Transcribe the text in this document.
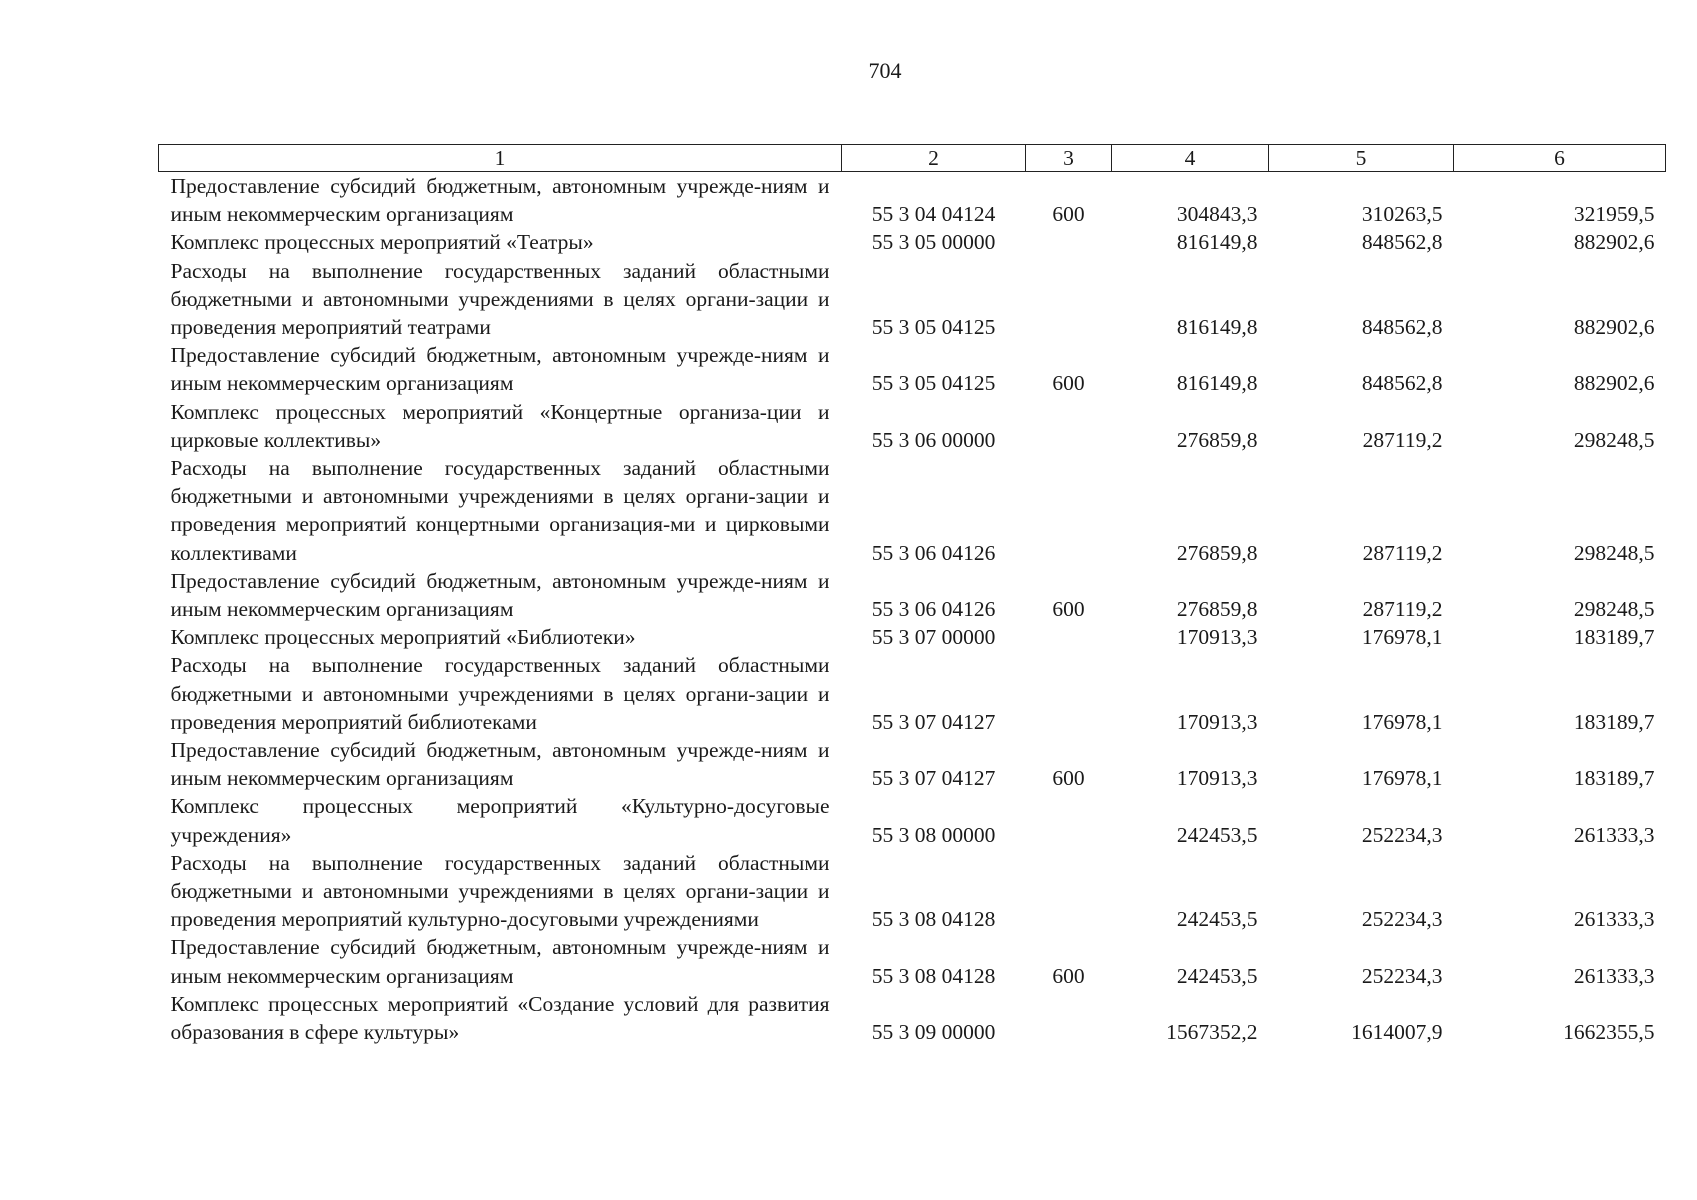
704
1	2	3	4	5	6
Предоставление субсидий бюджетным, автономным учрежде-ниям и иным некоммерческим организациям	55 3 04 04124	600	304843,3	310263,5	321959,5
Комплекс процессных мероприятий «Театры»	55 3 05 00000		816149,8	848562,8	882902,6
Расходы на выполнение государственных заданий областными бюджетными и автономными учреждениями в целях органи-зации и проведения мероприятий театрами	55 3 05 04125		816149,8	848562,8	882902,6
Предоставление субсидий бюджетным, автономным учрежде-ниям и иным некоммерческим организациям	55 3 05 04125	600	816149,8	848562,8	882902,6
Комплекс процессных мероприятий «Концертные организа-ции и цирковые коллективы»	55 3 06 00000		276859,8	287119,2	298248,5
Расходы на выполнение государственных заданий областными бюджетными и автономными учреждениями в целях органи-зации и проведения мероприятий концертными организация-ми и цирковыми коллективами	55 3 06 04126		276859,8	287119,2	298248,5
Предоставление субсидий бюджетным, автономным учрежде-ниям и иным некоммерческим организациям	55 3 06 04126	600	276859,8	287119,2	298248,5
Комплекс процессных мероприятий «Библиотеки»	55 3 07 00000		170913,3	176978,1	183189,7
Расходы на выполнение государственных заданий областными бюджетными и автономными учреждениями в целях органи-зации и проведения мероприятий библиотеками	55 3 07 04127		170913,3	176978,1	183189,7
Предоставление субсидий бюджетным, автономным учрежде-ниям и иным некоммерческим организациям	55 3 07 04127	600	170913,3	176978,1	183189,7
Комплекс процессных мероприятий «Культурно-досуговые учреждения»	55 3 08 00000		242453,5	252234,3	261333,3
Расходы на выполнение государственных заданий областными бюджетными и автономными учреждениями в целях органи-зации и проведения мероприятий культурно-досуговыми учреждениями	55 3 08 04128		242453,5	252234,3	261333,3
Предоставление субсидий бюджетным, автономным учрежде-ниям и иным некоммерческим организациям	55 3 08 04128	600	242453,5	252234,3	261333,3
Комплекс процессных мероприятий «Создание условий для развития образования в сфере культуры»	55 3 09 00000		1567352,2	1614007,9	1662355,5
